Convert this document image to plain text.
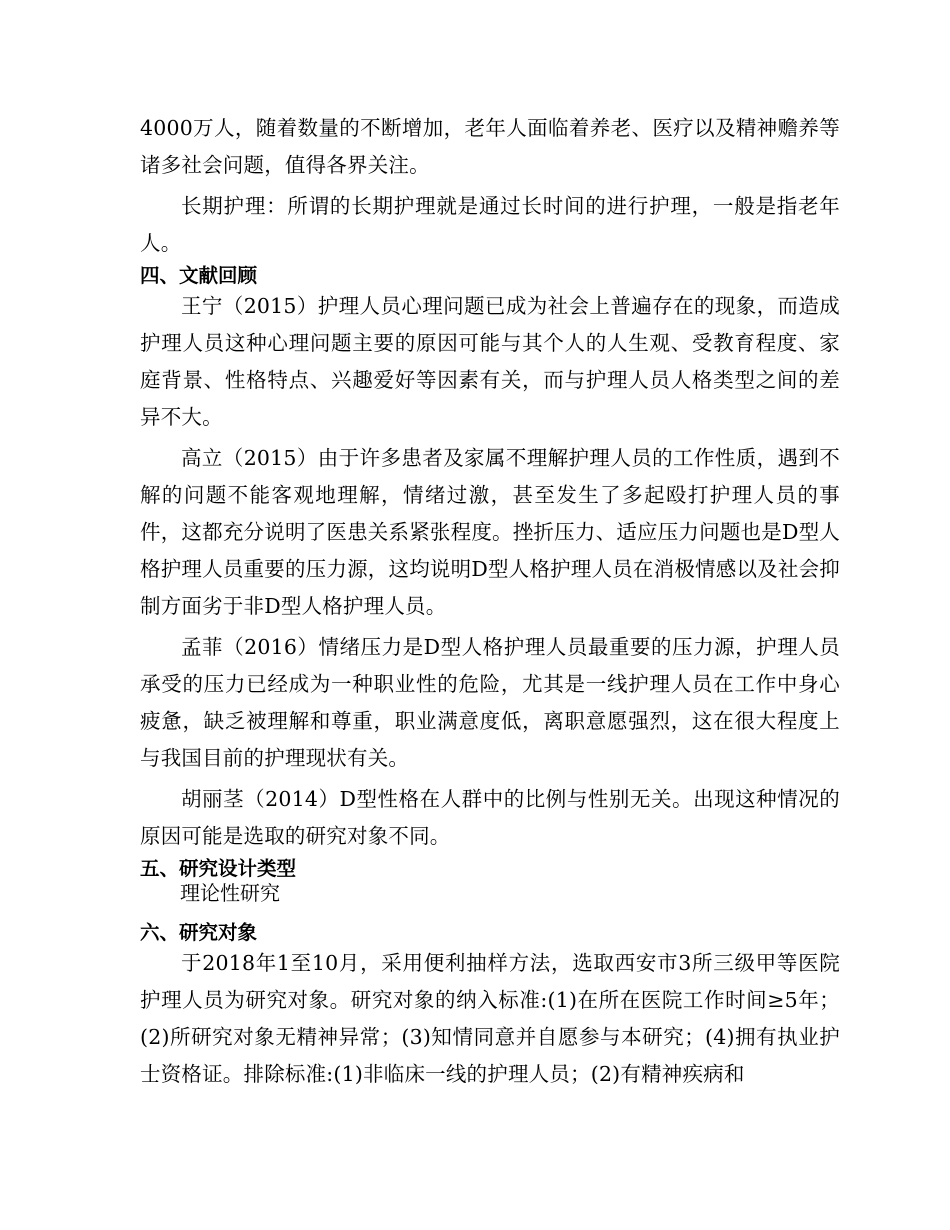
4000万人，随着数量的不断增加，老年人面临着养老、医疗以及精神赡养等诸多社会问题，值得各界关注。

长期护理：所谓的长期护理就是通过长时间的进行护理，一般是指老年人。

四、文献回顾

王宁（2015）护理人员心理问题已成为社会上普遍存在的现象，而造成护理人员这种心理问题主要的原因可能与其个人的人生观、受教育程度、家庭背景、性格特点、兴趣爱好等因素有关，而与护理人员人格类型之间的差异不大。

高立（2015）由于许多患者及家属不理解护理人员的工作性质，遇到不解的问题不能客观地理解，情绪过激，甚至发生了多起殴打护理人员的事件，这都充分说明了医患关系紧张程度。挫折压力、适应压力问题也是D型人格护理人员重要的压力源，这均说明D型人格护理人员在消极情感以及社会抑制方面劣于非D型人格护理人员。

孟菲（2016）情绪压力是D型人格护理人员最重要的压力源，护理人员承受的压力已经成为一种职业性的危险，尤其是一线护理人员在工作中身心疲惫，缺乏被理解和尊重，职业满意度低，离职意愿强烈，这在很大程度上与我国目前的护理现状有关。

胡丽茎（2014）D型性格在人群中的比例与性别无关。出现这种情况的原因可能是选取的研究对象不同。

五、研究设计类型

理论性研究

六、研究对象

于2018年1至10月，采用便利抽样方法，选取西安市3所三级甲等医院护理人员为研究对象。研究对象的纳入标准:(1)在所在医院工作时间≥5年；(2)所研究对象无精神异常；(3)知情同意并自愿参与本研究；(4)拥有执业护士资格证。排除标准:(1)非临床一线的护理人员；(2)有精神疾病和
